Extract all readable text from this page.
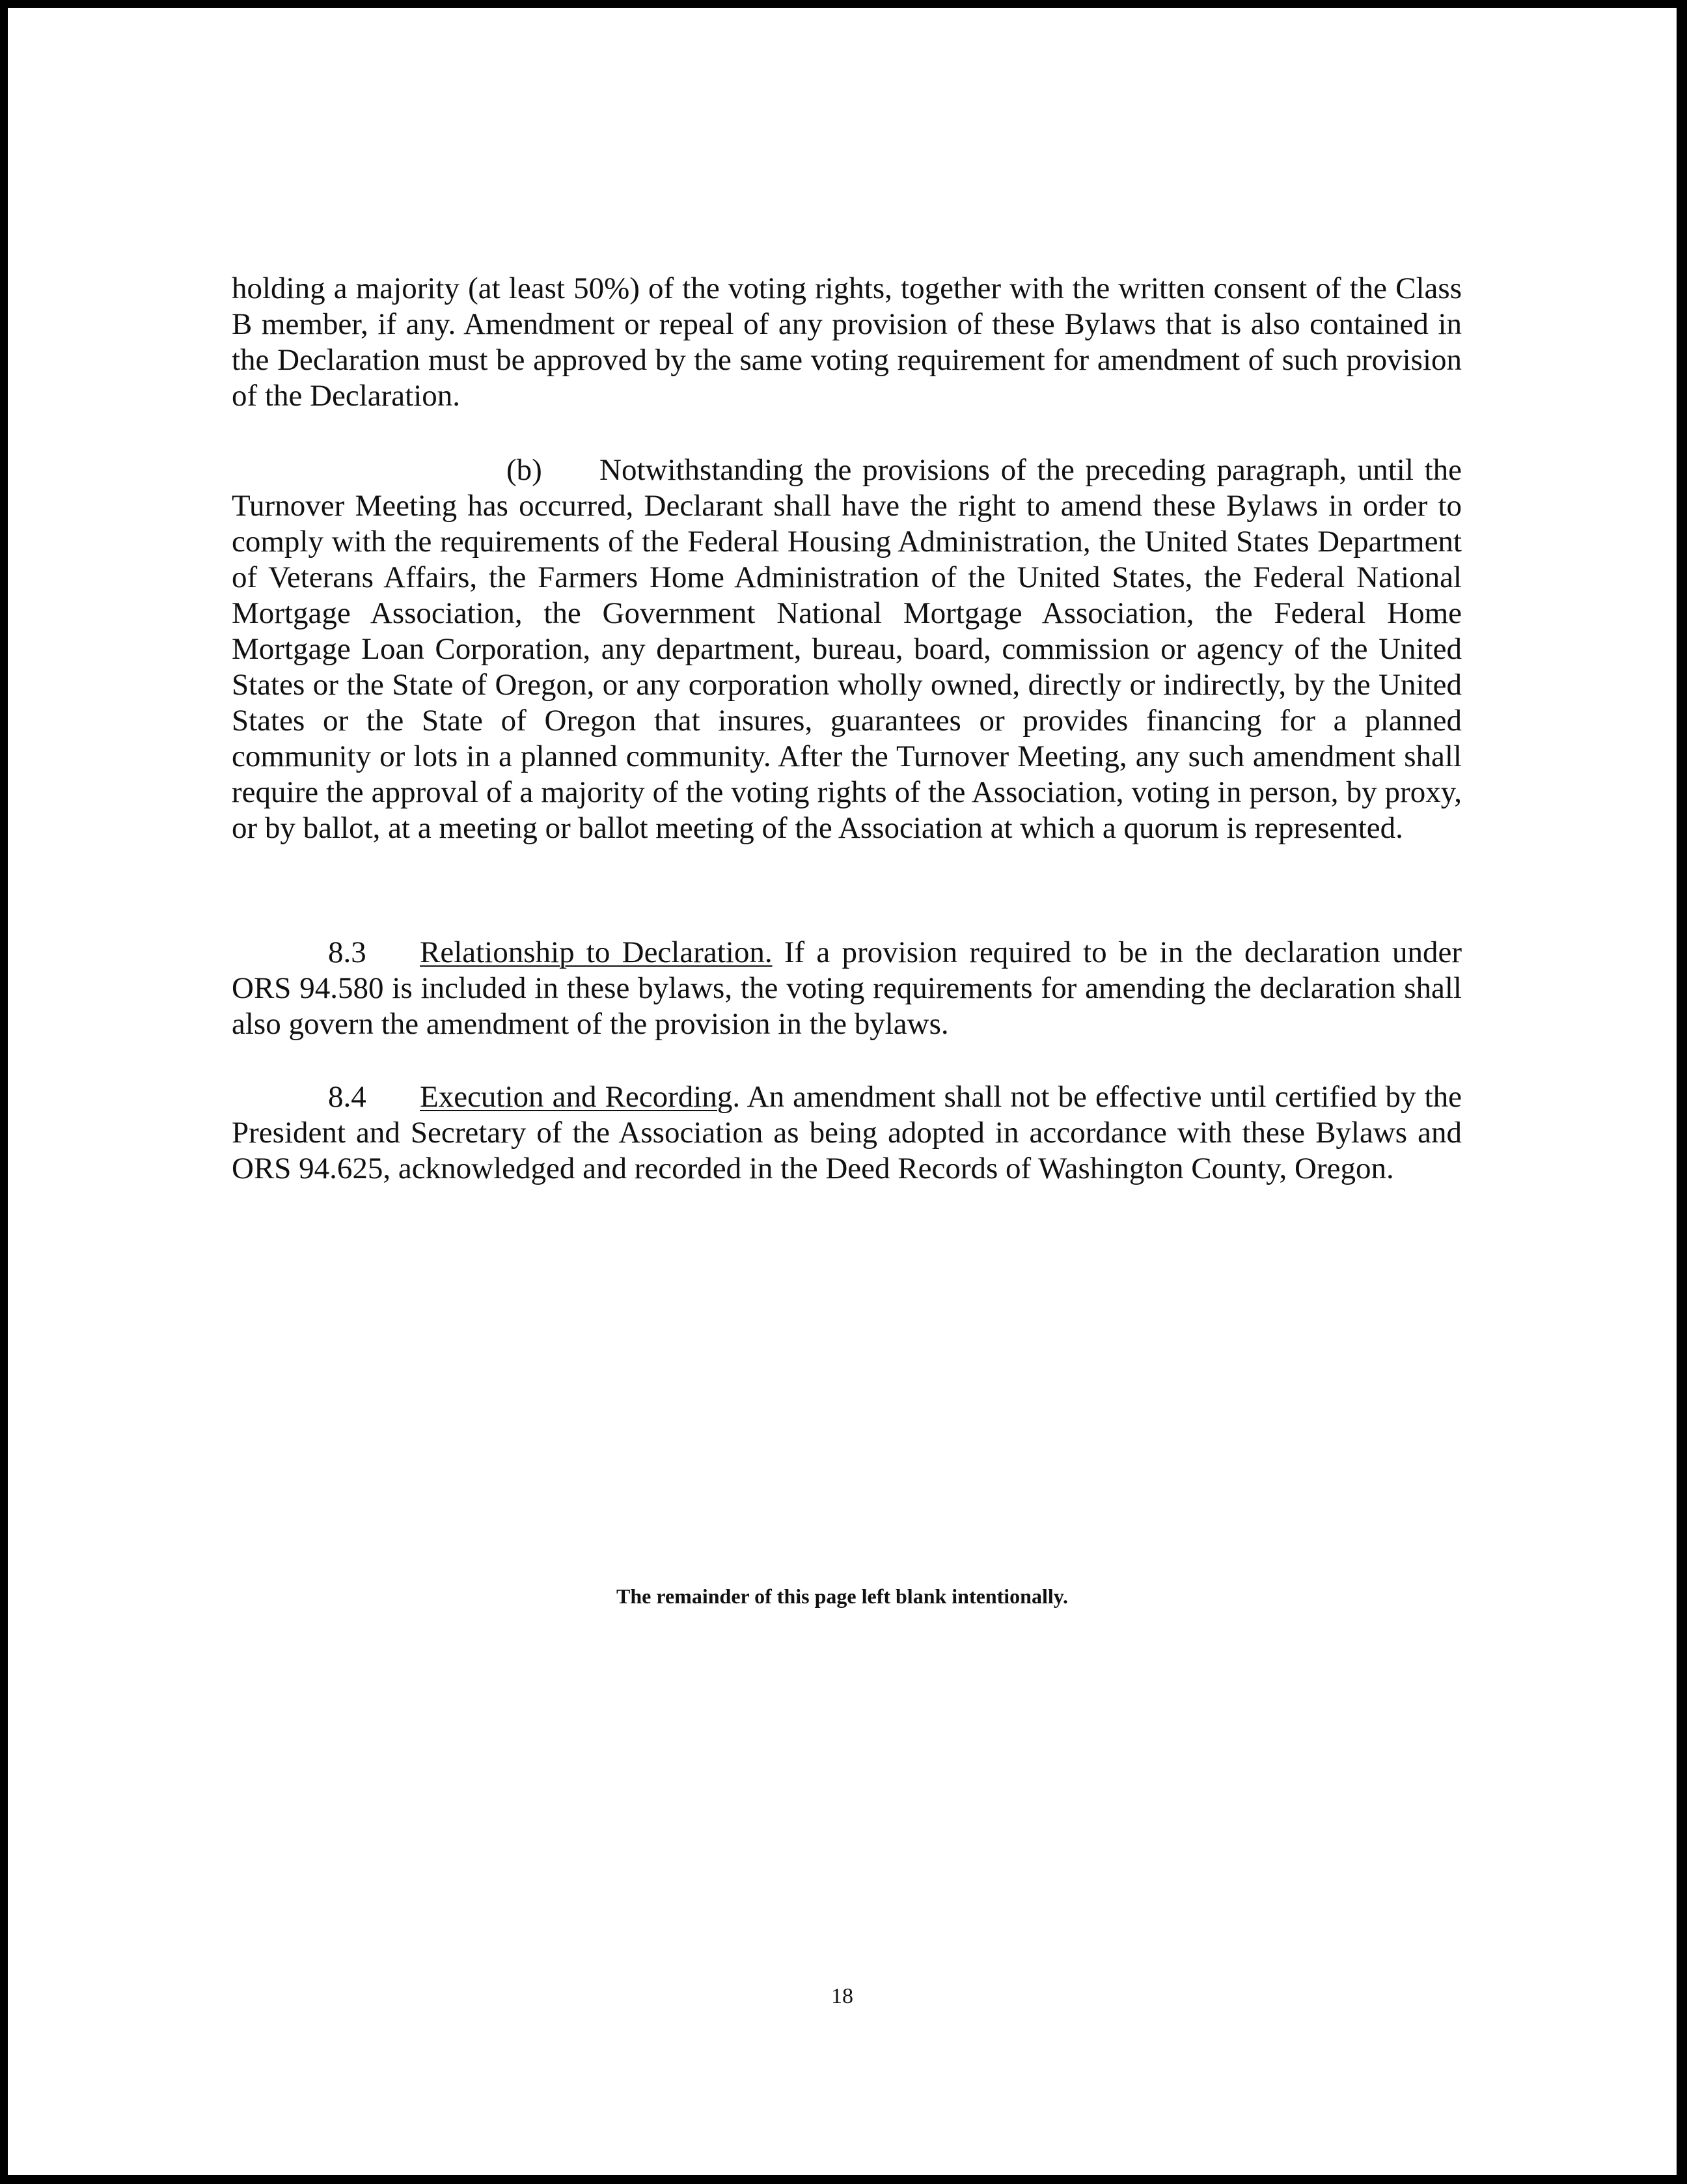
holding a majority (at least 50%) of the voting rights, together with the written consent of the Class B member, if any. Amendment or repeal of any provision of these Bylaws that is also contained in the Declaration must be approved by the same voting requirement for amendment of such provision of the Declaration.

(b) Notwithstanding the provisions of the preceding paragraph, until the Turnover Meeting has occurred, Declarant shall have the right to amend these Bylaws in order to comply with the requirements of the Federal Housing Administration, the United States Department of Veterans Affairs, the Farmers Home Administration of the United States, the Federal National Mortgage Association, the Government National Mortgage Association, the Federal Home Mortgage Loan Corporation, any department, bureau, board, commission or agency of the United States or the State of Oregon, or any corporation wholly owned, directly or indirectly, by the United States or the State of Oregon that insures, guarantees or provides financing for a planned community or lots in a planned community. After the Turnover Meeting, any such amendment shall require the approval of a majority of the voting rights of the Association, voting in person, by proxy, or by ballot, at a meeting or ballot meeting of the Association at which a quorum is represented.

8.3 Relationship to Declaration. If a provision required to be in the declaration under ORS 94.580 is included in these bylaws, the voting requirements for amending the declaration shall also govern the amendment of the provision in the bylaws.

8.4 Execution and Recording. An amendment shall not be effective until certified by the President and Secretary of the Association as being adopted in accordance with these Bylaws and ORS 94.625, acknowledged and recorded in the Deed Records of Washington County, Oregon.

The remainder of this page left blank intentionally.

18
